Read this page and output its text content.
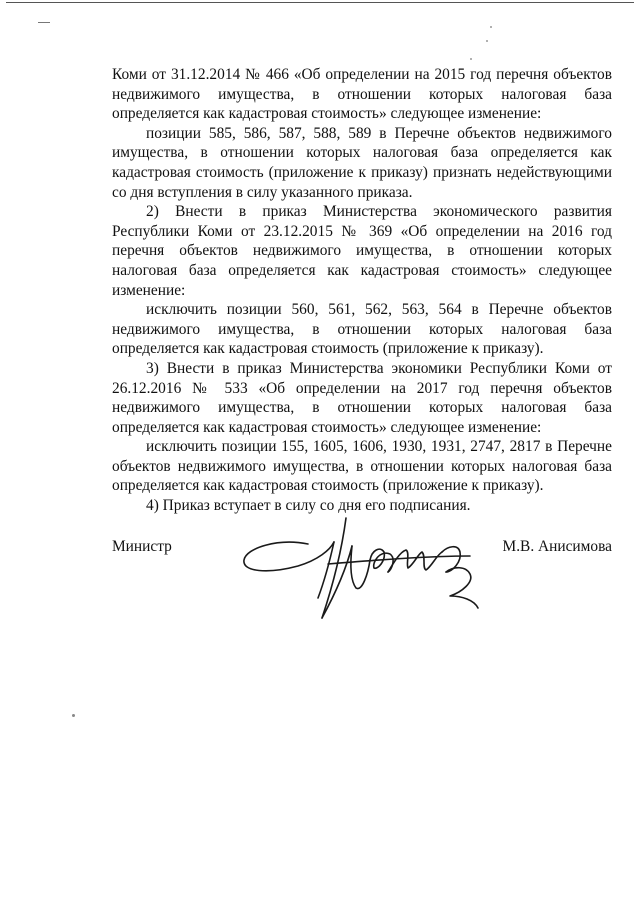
Коми от 31.12.2014 № 466 «Об определении на 2015 год перечня объектов недвижимого имущества, в отношении которых налоговая база определяется как кадастровая стоимость» следующее изменение:

позиции 585, 586, 587, 588, 589 в Перечне объектов недвижимого имущества, в отношении которых налоговая база определяется как кадастровая стоимость (приложение к приказу) признать недействующими со дня вступления в силу указанного приказа.

2) Внести в приказ Министерства экономического развития Республики Коми от 23.12.2015 № 369 «Об определении на 2016 год перечня объектов недвижимого имущества, в отношении которых налоговая база определяется как кадастровая стоимость» следующее изменение:

исключить позиции 560, 561, 562, 563, 564 в Перечне объектов недвижимого имущества, в отношении которых налоговая база определяется как кадастровая стоимость (приложение к приказу).

3) Внести в приказ Министерства экономики Республики Коми от 26.12.2016 № 533 «Об определении на 2017 год перечня объектов недвижимого имущества, в отношении которых налоговая база определяется как кадастровая стоимость» следующее изменение:

исключить позиции 155, 1605, 1606, 1930, 1931, 2747, 2817 в Перечне объектов недвижимого имущества, в отношении которых налоговая база определяется как кадастровая стоимость (приложение к приказу).

4) Приказ вступает в силу со дня его подписания.

Министр	М.В. Анисимова
